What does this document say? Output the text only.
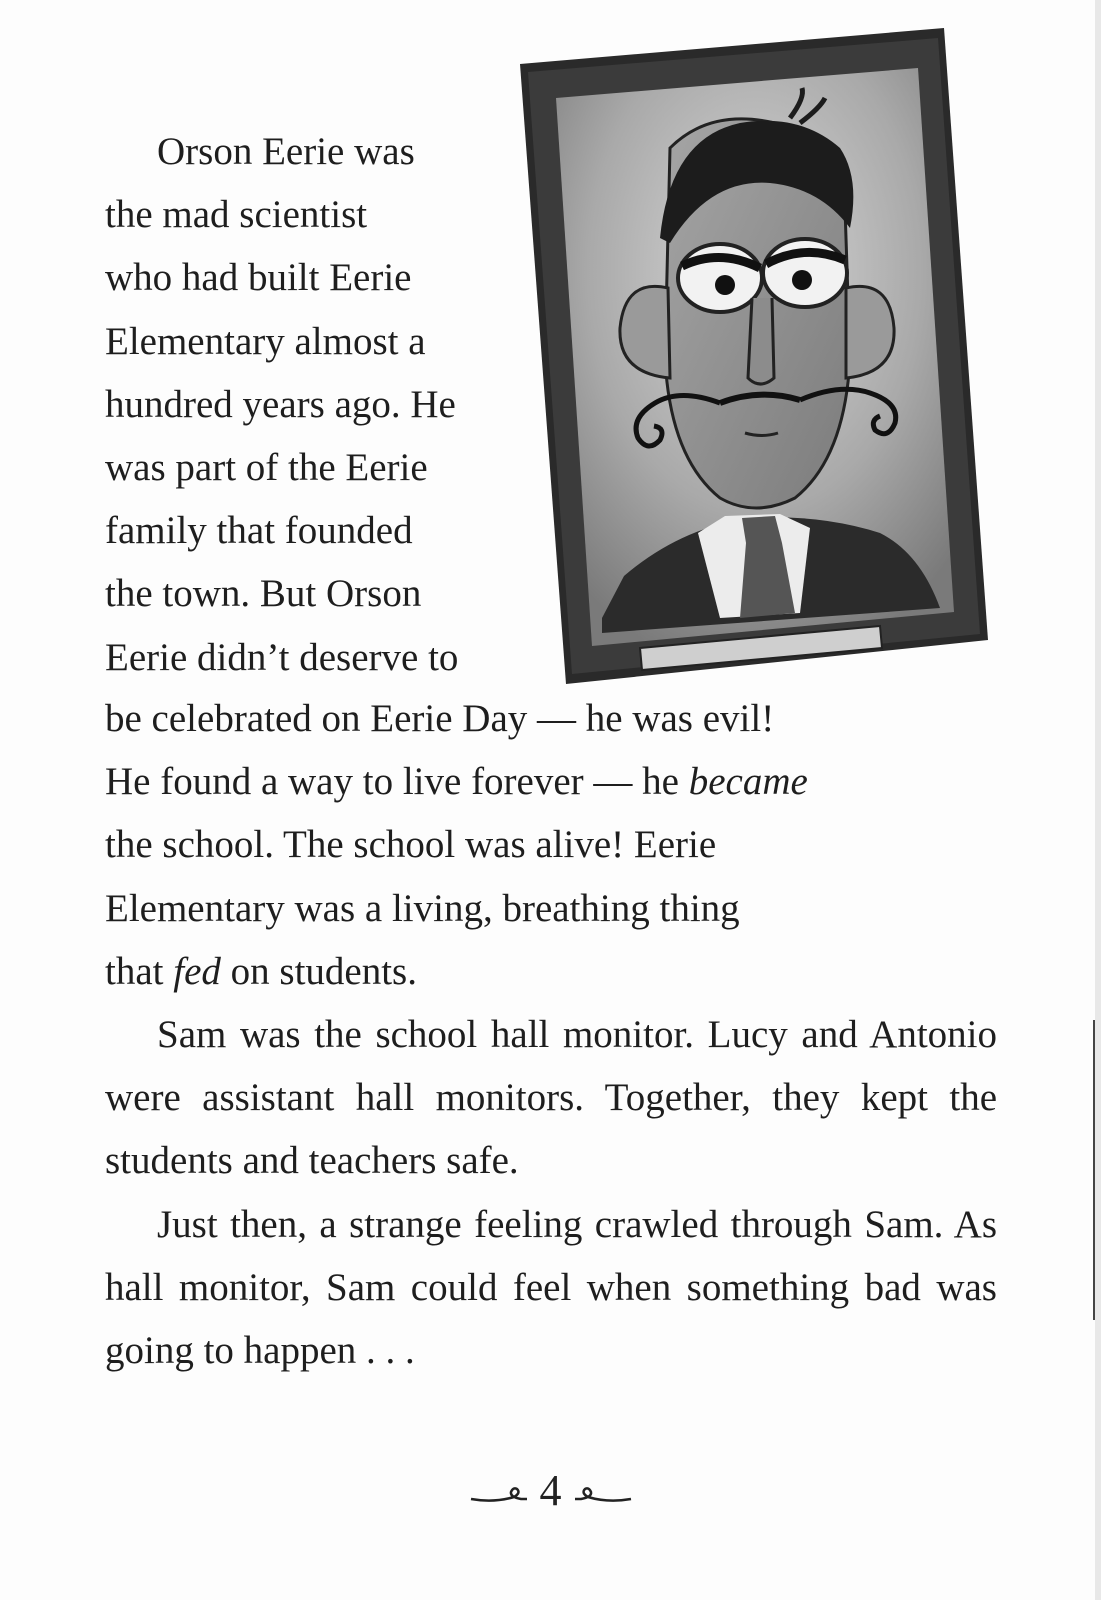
Orson Eerie was
the mad scientist
who had built Eerie
Elementary almost a
hundred years ago. He
was part of the Eerie
family that founded
the town. But Orson
Eerie didn’t deserve to
be celebrated on Eerie Day — he was evil!
He found a way to live forever — he became
the school. The school was alive! Eerie
Elementary was a living, breathing thing
that fed on students.

Sam was the school hall monitor. Lucy and Antonio were assistant hall monitors. Together, they kept the students and teachers safe.

Just then, a strange feeling crawled through Sam. As hall monitor, Sam could feel when something bad was going to happen . . .

4
